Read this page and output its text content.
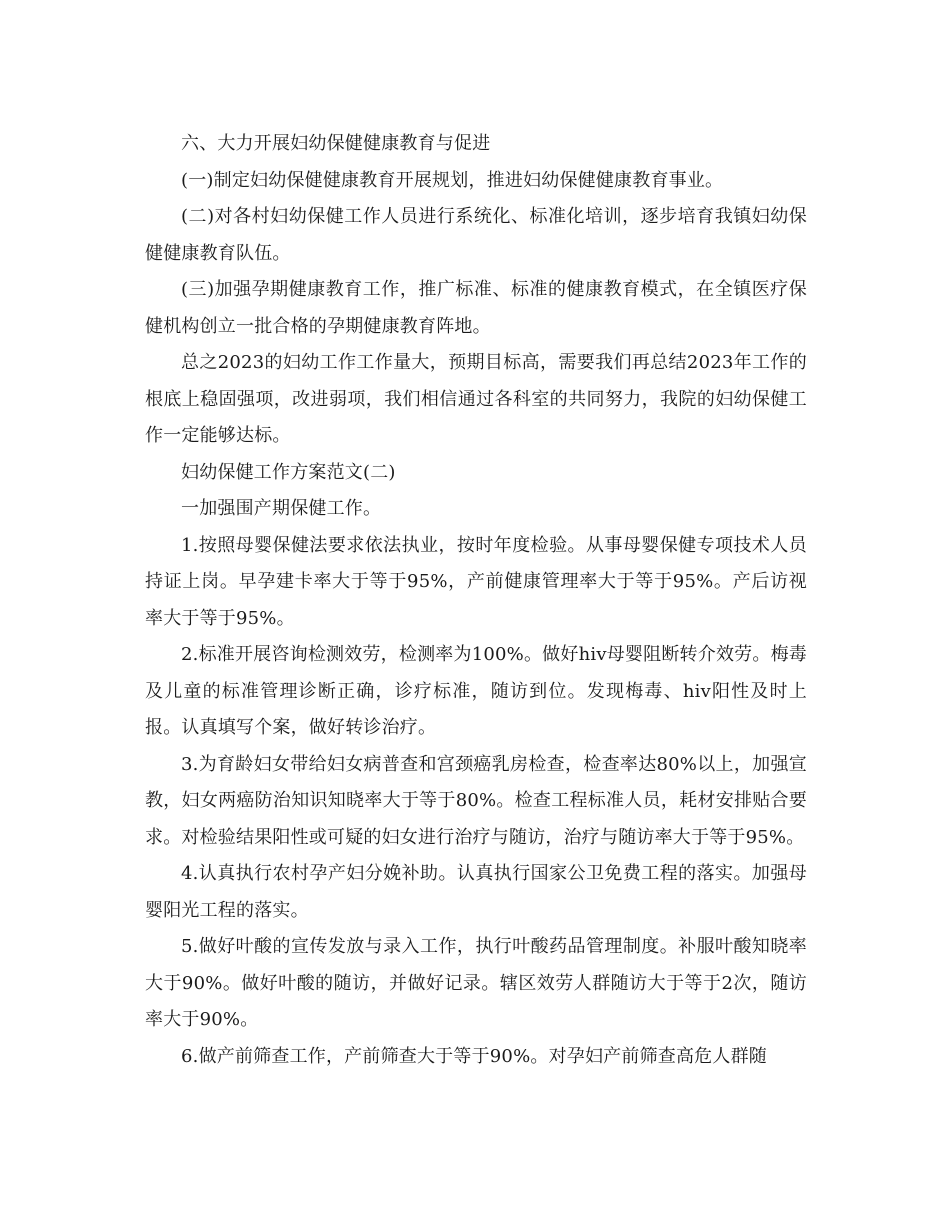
六、大力开展妇幼保健健康教育与促进

(一)制定妇幼保健健康教育开展规划，推进妇幼保健健康教育事业。

(二)对各村妇幼保健工作人员进行系统化、标准化培训，逐步培育我镇妇幼保健健康教育队伍。

(三)加强孕期健康教育工作，推广标准、标准的健康教育模式，在全镇医疗保健机构创立一批合格的孕期健康教育阵地。

总之2023的妇幼工作工作量大，预期目标高，需要我们再总结2023年工作的根底上稳固强项，改进弱项，我们相信通过各科室的共同努力，我院的妇幼保健工作一定能够达标。

妇幼保健工作方案范文(二)

一加强围产期保健工作。

1.按照母婴保健法要求依法执业，按时年度检验。从事母婴保健专项技术人员持证上岗。早孕建卡率大于等于95%，产前健康管理率大于等于95%。产后访视率大于等于95%。

2.标准开展咨询检测效劳，检测率为100%。做好hiv母婴阻断转介效劳。梅毒及儿童的标准管理诊断正确，诊疗标准，随访到位。发现梅毒、hiv阳性及时上报。认真填写个案，做好转诊治疗。

3.为育龄妇女带给妇女病普查和宫颈癌乳房检查，检查率达80%以上，加强宣教，妇女两癌防治知识知晓率大于等于80%。检查工程标准人员，耗材安排贴合要求。对检验结果阳性或可疑的妇女进行治疗与随访，治疗与随访率大于等于95%。

4.认真执行农村孕产妇分娩补助。认真执行国家公卫免费工程的落实。加强母婴阳光工程的落实。

5.做好叶酸的宣传发放与录入工作，执行叶酸药品管理制度。补服叶酸知晓率大于90%。做好叶酸的随访，并做好记录。辖区效劳人群随访大于等于2次，随访率大于90%。

6.做产前筛查工作，产前筛查大于等于90%。对孕妇产前筛查高危人群随
